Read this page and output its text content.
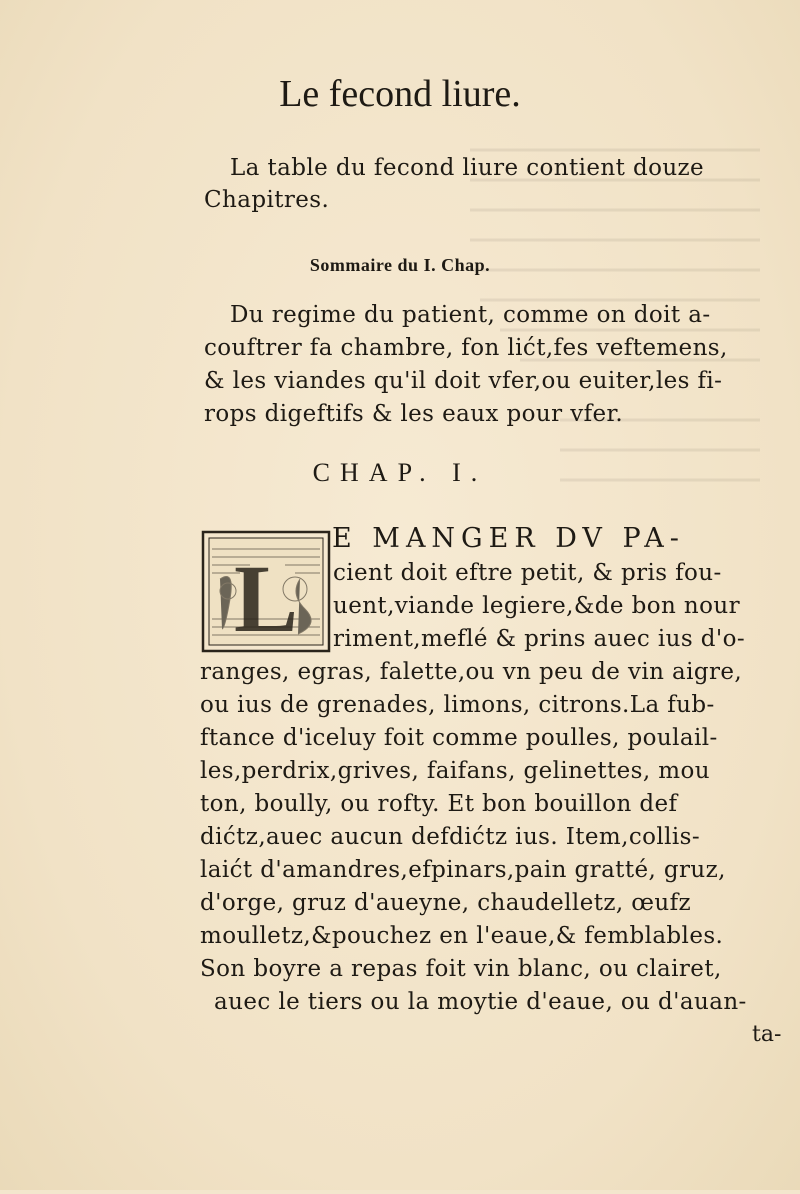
Le fecond liure.
La table du fecond liure contient douze
Chapitres.
Sommaire du I. Chap.
Du regime du patient, comme on doit a-
couftrer fa chambre, fon lićt,fes veftemens,
& les viandes qu'il doit vfer,ou euiter,les fi-
rops digeftifs & les eaux pour vfer.
CHAP. I.
L
E MANGER DV PA-
cient doit eftre petit, & pris fou-
uent,viande legiere,&de bon nour
riment,meflé & prins auec ius d'o-
ranges, egras, falette,ou vn peu de vin aigre,
ou ius de grenades, limons, citrons.La fub-
ftance d'iceluy foit comme poulles, poulail-
les,perdrix,grives, faifans, gelinettes, mou
ton, boully, ou rofty. Et bon bouillon def
dićtz,auec aucun defdićtz ius. Item,collis-
laićt d'amandres,efpinars,pain gratté, gruz,
d'orge, gruz d'aueyne, chaudelletz, œufz
moulletz,&pouchez en l'eaue,& femblables.
Son boyre a repas foit vin blanc, ou clairet,
auec le tiers ou la moytie d'eaue, ou d'auan-
ta-
